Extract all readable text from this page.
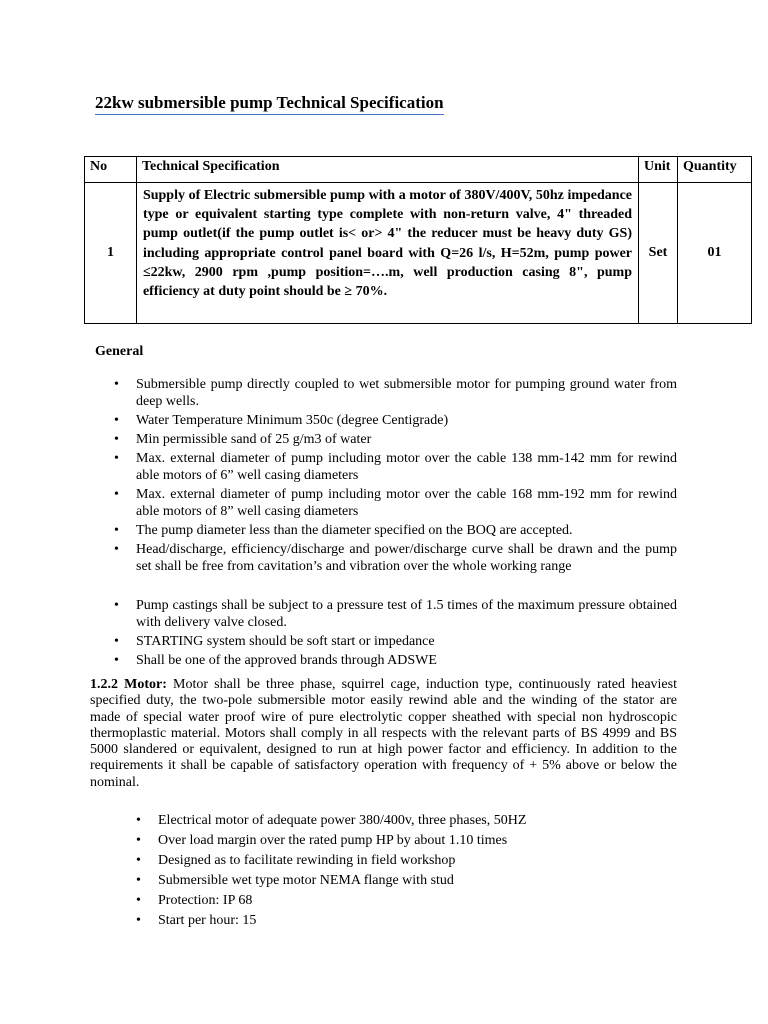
22kw submersible pump Technical Specification
No	Technical Specification	Unit	Quantity
1	Supply of Electric submersible pump with a motor of 380V/400V, 50hz impedance type or equivalent starting type complete with non-return valve, 4" threaded pump outlet(if the pump outlet is< or> 4" the reducer must be heavy duty GS) including appropriate control panel board with Q=26 l/s, H=52m, pump power ≤22kw, 2900 rpm ,pump position=….m, well production casing 8", pump efficiency at duty point should be ≥ 70%.	Set	01
General
• Submersible pump directly coupled to wet submersible motor for pumping ground water from deep wells.
• Water Temperature Minimum 350c (degree Centigrade)
• Min permissible sand of 25 g/m3 of water
• Max. external diameter of pump including motor over the cable 138 mm-142 mm for rewind able motors of 6” well casing diameters
• Max. external diameter of pump including motor over the cable 168 mm-192 mm for rewind able motors of 8” well casing diameters
• The pump diameter less than the diameter specified on the BOQ are accepted.
• Head/discharge, efficiency/discharge and power/discharge curve shall be drawn and the pump set shall be free from cavitation’s and vibration over the whole working range
• Pump castings shall be subject to a pressure test of 1.5 times of the maximum pressure obtained with delivery valve closed.
• STARTING system should be soft start or impedance
• Shall be one of the approved brands through ADSWE
1.2.2 Motor: Motor shall be three phase, squirrel cage, induction type, continuously rated heaviest specified duty, the two-pole submersible motor easily rewind able and the winding of the stator are made of special water proof wire of pure electrolytic copper sheathed with special non hydroscopic thermoplastic material. Motors shall comply in all respects with the relevant parts of BS 4999 and BS 5000 slandered or equivalent, designed to run at high power factor and efficiency. In addition to the requirements it shall be capable of satisfactory operation with frequency of + 5% above or below the nominal.
• Electrical motor of adequate power 380/400v, three phases, 50HZ
• Over load margin over the rated pump HP by about 1.10 times
• Designed as to facilitate rewinding in field workshop
• Submersible wet type motor NEMA flange with stud
• Protection: IP 68
• Start per hour: 15
